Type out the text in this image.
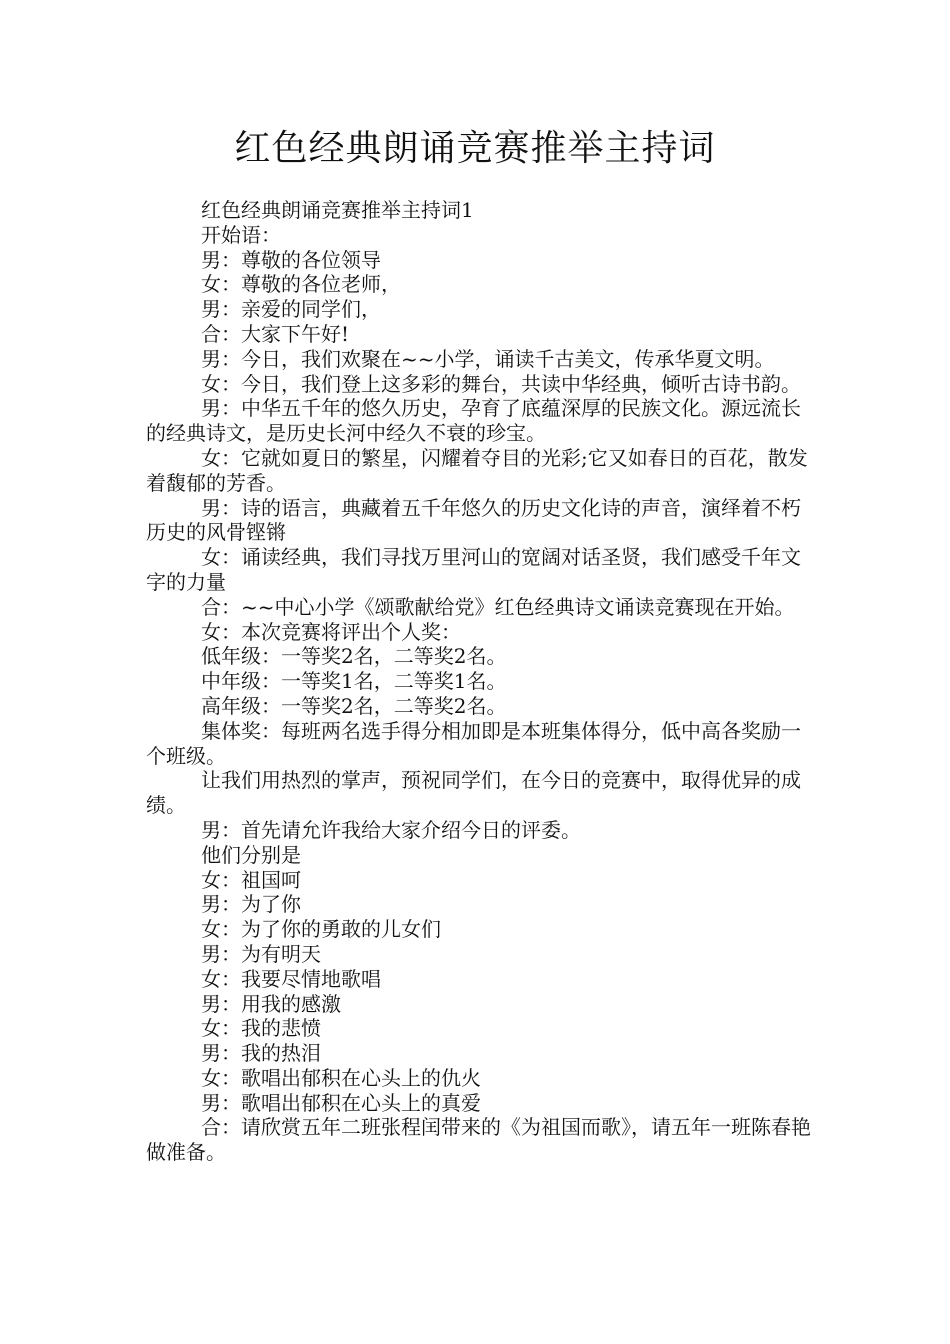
红色经典朗诵竞赛推举主持词

红色经典朗诵竞赛推举主持词1

开始语：

男：尊敬的各位领导

女：尊敬的各位老师，

男：亲爱的同学们，

合：大家下午好!

男：今日，我们欢聚在~~小学，诵读千古美文，传承华夏文明。

女：今日，我们登上这多彩的舞台，共读中华经典，倾听古诗书韵。

男：中华五千年的悠久历史，孕育了底蕴深厚的民族文化。源远流长的经典诗文，是历史长河中经久不衰的珍宝。

女：它就如夏日的繁星，闪耀着夺目的光彩;它又如春日的百花，散发着馥郁的芳香。

男：诗的语言，典藏着五千年悠久的历史文化诗的声音，演绎着不朽历史的风骨铿锵

女：诵读经典，我们寻找万里河山的宽阔对话圣贤，我们感受千年文字的力量

合：~~中心小学《颂歌献给党》红色经典诗文诵读竞赛现在开始。

女：本次竞赛将评出个人奖：

低年级：一等奖2名，二等奖2名。

中年级：一等奖1名，二等奖1名。

高年级：一等奖2名，二等奖2名。

集体奖：每班两名选手得分相加即是本班集体得分，低中高各奖励一个班级。

让我们用热烈的掌声，预祝同学们，在今日的竞赛中，取得优异的成绩。

男：首先请允许我给大家介绍今日的评委。

他们分别是

女：祖国呵

男：为了你

女：为了你的勇敢的儿女们

男：为有明天

女：我要尽情地歌唱

男：用我的感激

女：我的悲愤

男：我的热泪

女：歌唱出郁积在心头上的仇火

男：歌唱出郁积在心头上的真爱

合：请欣赏五年二班张程闰带来的《为祖国而歌》，请五年一班陈春艳做准备。
